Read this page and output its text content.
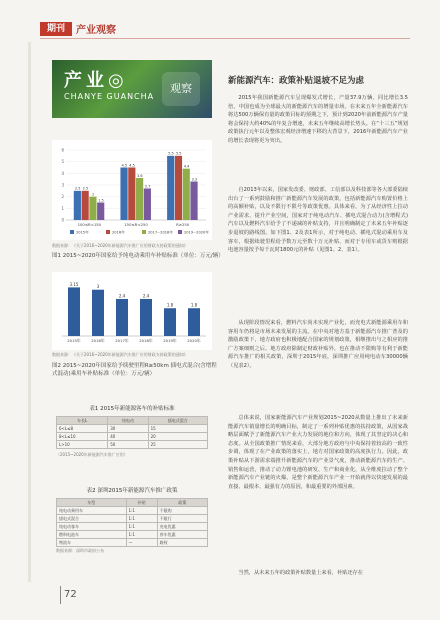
期刊	产业观察
产业◎
CHANYE GUANCHA
观察
0
1
2
3
4
5
6
2.5 2.5
2
1.5
100≤R<150
4.5 4.5
3.6
2.7
150≤R<250
5.5 5.5
4.4
3.3
R≥250
2015年	2016年	2017~2018年	2019~2020年
数据来源：《关于2016~2020年新能源汽车推广应用财政支持政策的通知》
图1 2015~2020年国家给予纯电动乘用车补贴标准（单位：万元/辆）
3.15
2015年
3
2016年
2.4
2017年
2.4
2018年
1.8
2019年
1.8
2020年
数据来源：《关于2016~2020年新能源汽车推广应用财政支持政策的通知》
图2 2015~2020年国家给予续驶里程R≥50km 插电式混合(含增程式混动)乘用车补贴标准（单位：万元/辆）
表1 2015年新能源客车的补贴标准
车长L	纯电动	插电式混合
6<L≤8	30	15
8<L≤10	40	20
L>10	50	25
（2015~2020年新能源汽车推广应用）
表2 深圳2015年新能源汽车推广政策
车型	补贴	政策
纯电动乘用车	1:1	不限购
插电式混合	1:1	不限行
纯电动客车	1:1	充电优惠
燃料电池车	1:1	停车优惠
物流车	—	路权
数据来源：深圳市政府公布
新能源汽车：政策补贴退坡不足为虑

2015年我国新能源汽车呈现爆发式增长，产量37.9万辆，同比增长3.5倍，中国也成为全球最大的新能源汽车的增量市场。在未来五年全新能源汽车将达500万辆保有量的政策目标的预期之下，预计到2020年前新能源汽车产量将会保持大约40%的年复合增速，未来五年继续高增长势头。在“十三五”规划政策执行元年以及整体宏观经济增速下移的大背景下，2016年新能源汽车产业的增长表现将更为突出。

自2013年以来，国家发改委、财政部、工信部以及科技部等各大部委陆续出台了一系列鼓励和推广新能源汽车发展的政策，包括新能源汽车购置价格上的高额补贴，以及不限行不限号等政策优惠。具体来看，为了从经济性上拉动产业需求，提升产业空间，国家对于纯电动汽车、插电式混合动力(含增程式)汽车以及燃料汽车给予了不递减的补贴支持，并且明确制定了未来五年补贴逐步退坡的路线图。如下图1、2及表1所示，对于纯电动、插电式混动乘用车及客车，根据续驶里程给予数万元至数十万元补贴，而对于专用车或货车则根据电池容量按予每千瓦时1800元的补贴（见图1、2、表1）。

从现阶段情况来看，燃料汽车尚未实现产业化，而充电式新能源乘用车和客用车仍将是市场未来发展的主流。在中央对地方基于新能源汽车推广普及的激励政策下，地方政府也积极地配合国家的规划政策，相继推出与之相应的推广方案细则之后。地方政府除制定财政补贴外，也在推动不限购等有利于新能源汽车推广的相关政策，深圳于2015年底，深圳推广应用纯电动车30000辆（见表2）。

总体来说，国家新能源汽车产业规划2015~2020从数量上推出了未来新能源汽车销量增长的明确目标，制定了一系列补贴优惠的扶持政策，从国家战略层面赋予了新能源汽车产业大力发展的地位和方向，体现了其坚定的决心和态度。从全国政策推广情况来看，大部分地方政府与中央保持着较高的一致性步调，体现了在产业政策的落实上，地方对国家政策的高度执行力。因此，政策补贴从下游需求端推升新能源汽车的产业景气度，推动新能源汽车的生产、销售和运营，推动了动力锂电池的研发、生产和商业化，从全维度拉动了整个新能源汽车产业链的火爆，是整个新能源汽车产业一开始就得以快速发展的最直接、最根本、最强有力的原因，和最重要的外部因素。

当然，从未来五年的政策补贴数量上来看，补贴还存在

72
